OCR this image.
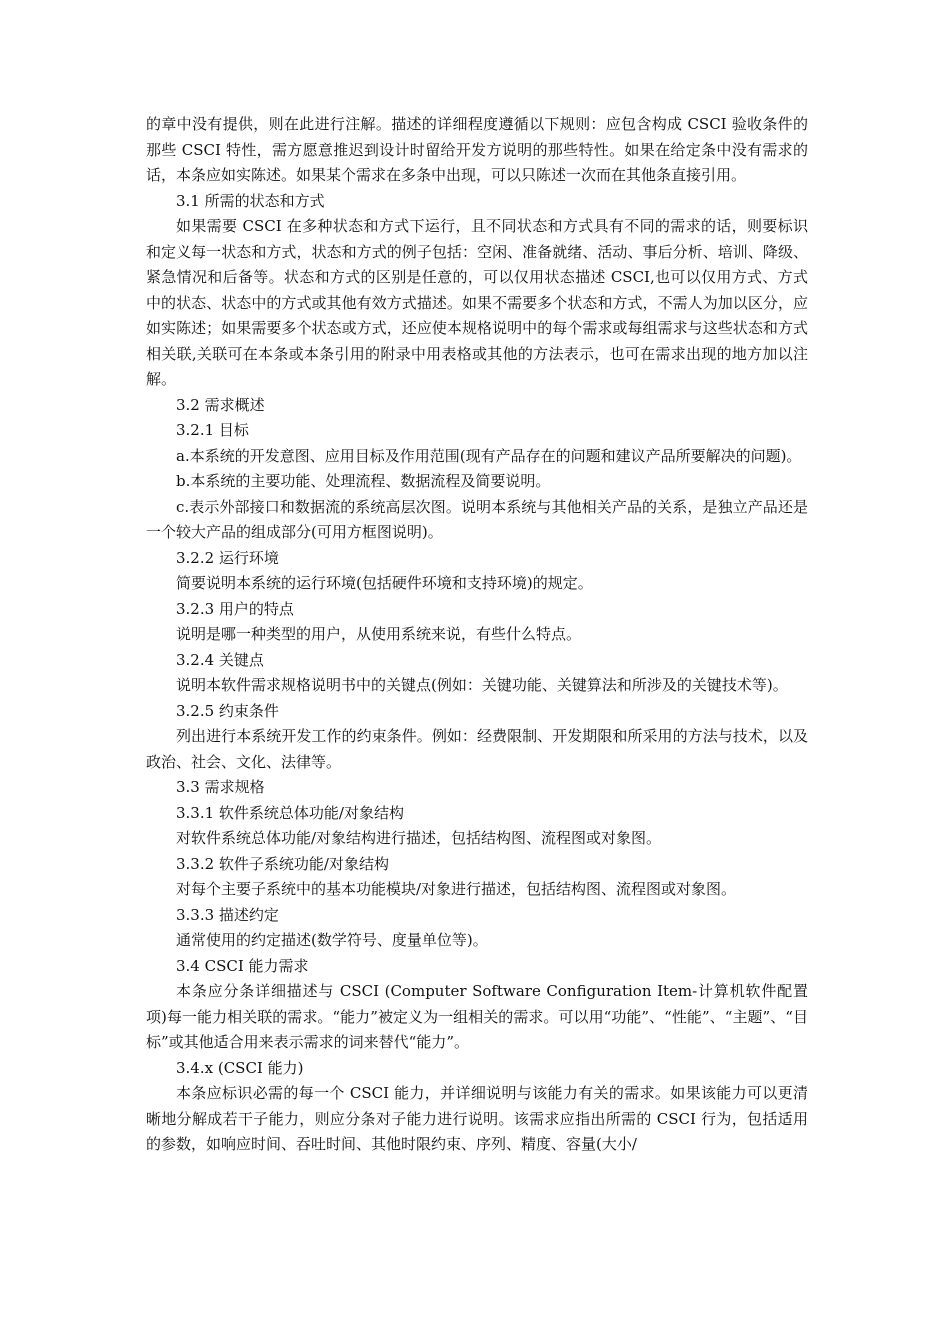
的章中没有提供，则在此进行注解。描述的详细程度遵循以下规则：应包含构成 CSCI 验收条件的那些 CSCI 特性，需方愿意推迟到设计时留给开发方说明的那些特性。如果在给定条中没有需求的话，本条应如实陈述。如果某个需求在多条中出现，可以只陈述一次而在其他条直接引用。

3.1 所需的状态和方式

如果需要 CSCI 在多种状态和方式下运行，且不同状态和方式具有不同的需求的话，则要标识和定义每一状态和方式，状态和方式的例子包括：空闲、准备就绪、活动、事后分析、培训、降级、紧急情况和后备等。状态和方式的区别是任意的，可以仅用状态描述 CSCI,也可以仅用方式、方式中的状态、状态中的方式或其他有效方式描述。如果不需要多个状态和方式，不需人为加以区分，应如实陈述；如果需要多个状态或方式，还应使本规格说明中的每个需求或每组需求与这些状态和方式相关联,关联可在本条或本条引用的附录中用表格或其他的方法表示，也可在需求出现的地方加以注解。

3.2 需求概述

3.2.1 目标

a.本系统的开发意图、应用目标及作用范围(现有产品存在的问题和建议产品所要解决的问题)。

b.本系统的主要功能、处理流程、数据流程及简要说明。

c.表示外部接口和数据流的系统高层次图。说明本系统与其他相关产品的关系，是独立产品还是一个较大产品的组成部分(可用方框图说明)。

3.2.2 运行环境

简要说明本系统的运行环境(包括硬件环境和支持环境)的规定。

3.2.3 用户的特点

说明是哪一种类型的用户，从使用系统来说，有些什么特点。

3.2.4 关键点

说明本软件需求规格说明书中的关键点(例如：关键功能、关键算法和所涉及的关键技术等)。

3.2.5 约束条件

列出进行本系统开发工作的约束条件。例如：经费限制、开发期限和所采用的方法与技术，以及政治、社会、文化、法律等。

3.3 需求规格

3.3.1 软件系统总体功能/对象结构

对软件系统总体功能/对象结构进行描述，包括结构图、流程图或对象图。

3.3.2 软件子系统功能/对象结构

对每个主要子系统中的基本功能模块/对象进行描述，包括结构图、流程图或对象图。

3.3.3 描述约定

通常使用的约定描述(数学符号、度量单位等)。

3.4 CSCI 能力需求

本条应分条详细描述与 CSCI (Computer Software Configuration Item-计算机软件配置项)每一能力相关联的需求。“能力”被定义为一组相关的需求。可以用“功能”、“性能”、“主题”、“目标”或其他适合用来表示需求的词来替代“能力”。

3.4.x (CSCI 能力)

本条应标识必需的每一个 CSCI 能力，并详细说明与该能力有关的需求。如果该能力可以更清晰地分解成若干子能力，则应分条对子能力进行说明。该需求应指出所需的 CSCI 行为，包括适用的参数，如响应时间、吞吐时间、其他时限约束、序列、精度、容量(大小/
